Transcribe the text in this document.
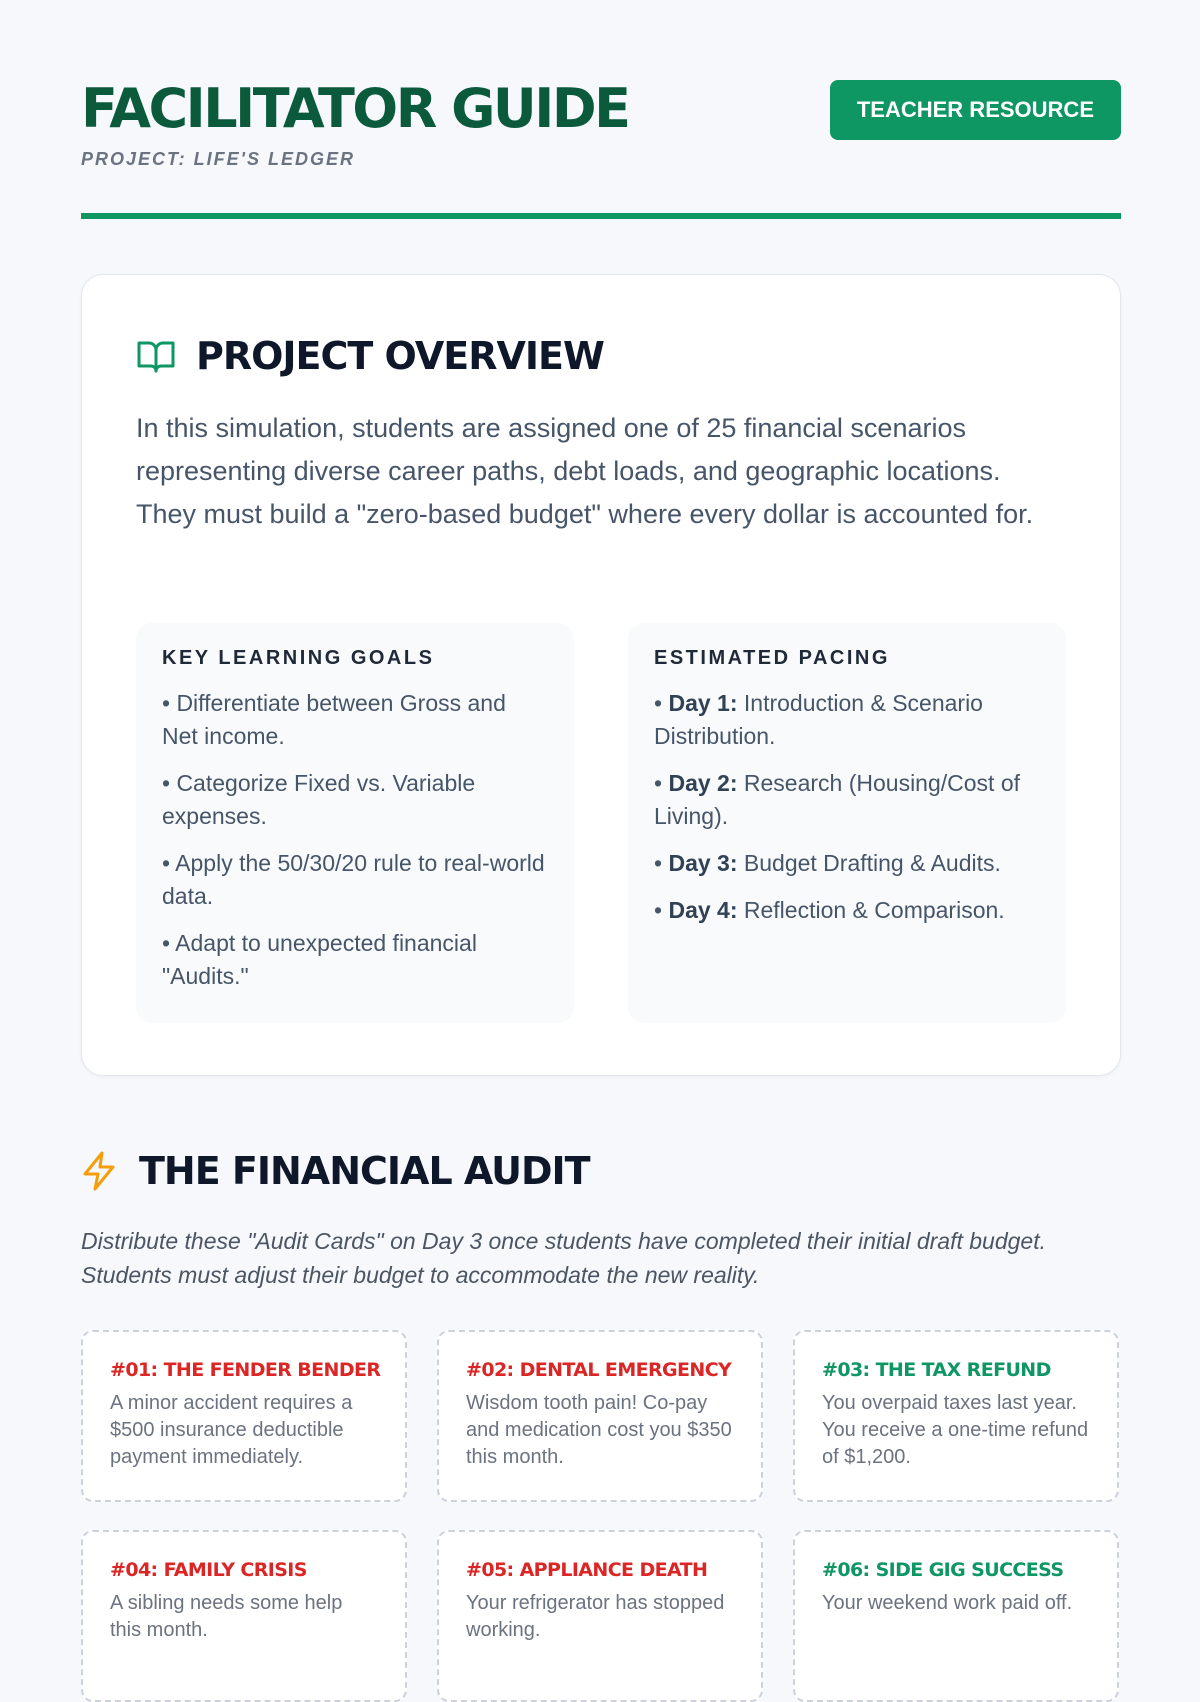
FACILITATOR GUIDE
PROJECT: LIFE'S LEDGER
TEACHER RESOURCE
PROJECT OVERVIEW

In this simulation, students are assigned one of 25 financial scenarios representing diverse career paths, debt loads, and geographic locations. They must build a "zero-based budget" where every dollar is accounted for.

KEY LEARNING GOALS
• Differentiate between Gross and Net income.
• Categorize Fixed vs. Variable expenses.
• Apply the 50/30/20 rule to real-world data.
• Adapt to unexpected financial "Audits."
ESTIMATED PACING
• Day 1: Introduction & Scenario Distribution.
• Day 2: Research (Housing/Cost of Living).
• Day 3: Budget Drafting & Audits.
• Day 4: Reflection & Comparison.
THE FINANCIAL AUDIT

Distribute these "Audit Cards" on Day 3 once students have completed their initial draft budget. Students must adjust their budget to accommodate the new reality.

#01: THE FENDER BENDER

A minor accident requires a $500 insurance deductible payment immediately.

#02: DENTAL EMERGENCY

Wisdom tooth pain! Co-pay and medication cost you $350 this month.

#03: THE TAX REFUND

You overpaid taxes last year. You receive a one-time refund of $1,200.

#04: FAMILY CRISIS

A sibling needs some help this month.

#05: APPLIANCE DEATH

Your refrigerator has stopped working.

#06: SIDE GIG SUCCESS

Your weekend work paid off.
